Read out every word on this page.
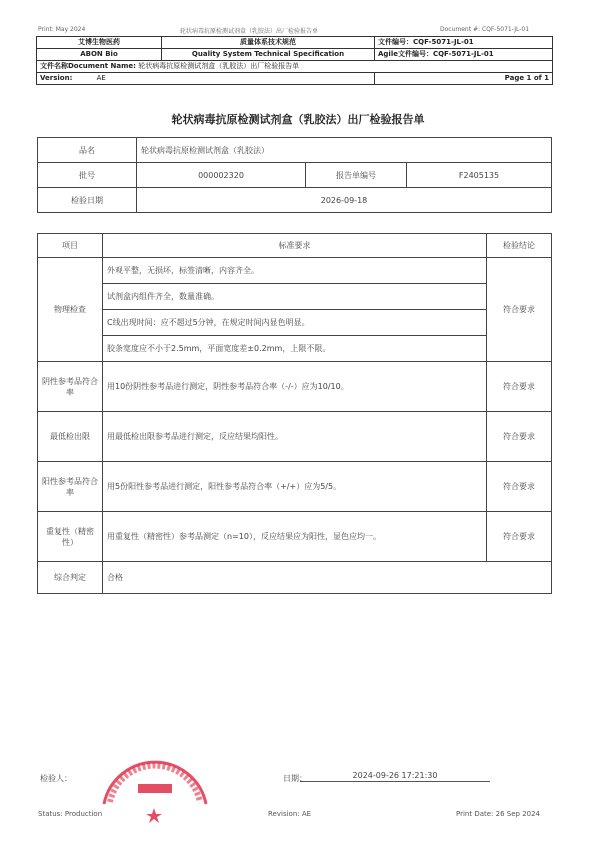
Print: May 2024	轮状病毒抗原检测试剂盒（乳胶法）出厂检验报告单	Document #: CQF-5071-JL-01
艾博生物医药	质量体系技术规范	文件编号：CQF-5071-JL-01
ABON Bio	Quality System Technical Specification	Agile文件编号：CQF-5071-JL-01
文件名称Document Name: 轮状病毒抗原检测试剂盒（乳胶法）出厂检验报告单		
Version: AE		Page 1 of 1
轮状病毒抗原检测试剂盒（乳胶法）出厂检验报告单
品名	轮状病毒抗原检测试剂盒（乳胶法）		
批号	000002320	报告单编号	F2405135
检验日期	2026-09-18		
项目	标准要求	检验结论
物理检查	外观平整，无损坏，标签清晰，内容齐全。	符合要求
	试剂盒内组件齐全，数量准确。	
	C线出现时间：应不超过5分钟，在规定时间内显色明显。	
	胶条宽度应不小于2.5mm，平面宽度差±0.2mm，上限不限。	
阴性参考品符合率	用10份阴性参考品进行测定，阴性参考品符合率（-/-）应为10/10。	符合要求
最低检出限	用最低检出限参考品进行测定，反应结果均阳性。	符合要求
阳性参考品符合率	用5份阳性参考品进行测定，阳性参考品符合率（+/+）应为5/5。	符合要求
重复性（精密性）	用重复性（精密性）参考品测定（n=10），反应结果应为阳性，显色应均一。	符合要求
综合判定	合格	
检验人：	日期：	2024-09-26 17:21:30
Status: Production	Revision: AE	Print Date: 26 Sep 2024
